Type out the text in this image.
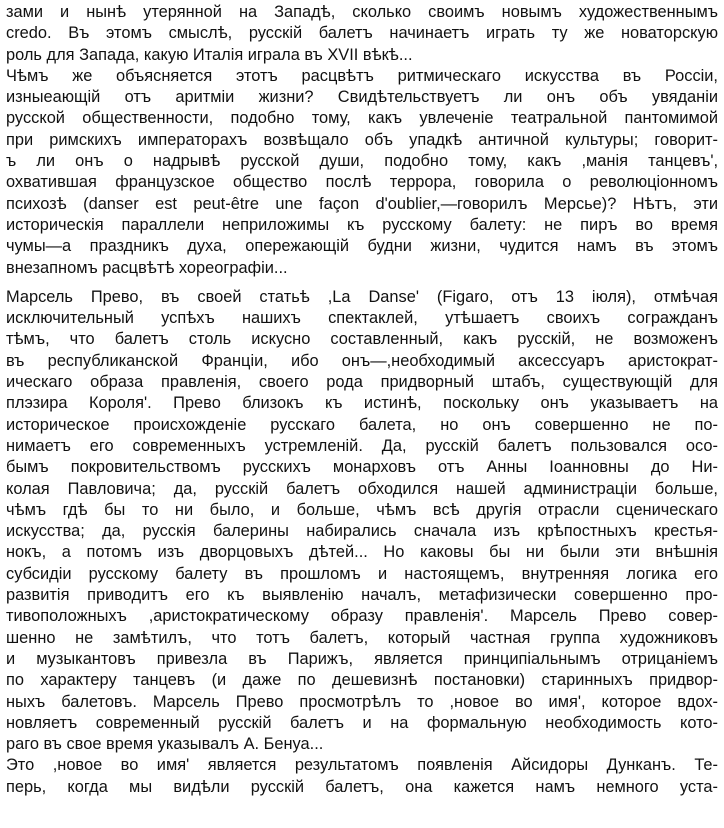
зами и нынѣ утерянной на Западѣ, сколько своимъ новымъ художественнымъ
credo. Въ этомъ смыслѣ, русскій балетъ начинаетъ играть ту же новаторскую
роль для Запада, какую Италія играла въ XVII вѣкѣ...
Чѣмъ же объясняется этотъ расцвѣтъ ритмическаго искусства въ Россіи,
изныеающій отъ аритміи жизни? Свидѣтельствуетъ ли онъ объ увяданіи
русской общественности, подобно тому, какъ увлеченіе театральной пантомимой
при римскихъ императорахъ возвѣщало объ упадкѣ античной культуры; говорит-
ъ ли онъ о надрывѣ русской души, подобно тому, какъ ,манія танцевъ',
охватившая французское общество послѣ террора, говорила о революціонномъ
психозѣ (danser est peut-être une façon d'oublier,—говорилъ Мерсье)? Нѣтъ, эти
историческія параллели неприложимы къ русскому балету: не пиръ во время
чумы—а праздникъ духа, опережающій будни жизни, чудится намъ въ этомъ
внезапномъ расцвѣтѣ хореографіи...
Марсель Прево, въ своей статьѣ ,La Danse' (Figaro, отъ 13 іюля), отмѣчая
исключительный успѣхъ нашихъ спектаклей, утѣшаетъ своихъ согражданъ
тѣмъ, что балетъ столь искусно составленный, какъ русскій, не возможенъ
въ республиканской Франціи, ибо онъ—,необходимый аксессуаръ аристократ-
ическаго образа правленія, своего рода придворный штабъ, существующій для
плэзира Короля'. Прево близокъ къ истинѣ, поскольку онъ указываетъ на
историческое происхожденіе русскаго балета, но онъ совершенно не по-
нимаетъ его современныхъ устремленій. Да, русскій балетъ пользовался осо-
бымъ покровительствомъ русскихъ монарховъ отъ Анны Іоанновны до Ни-
колая Павловича; да, русскій балетъ обходился нашей администраціи больше,
чѣмъ гдѣ бы то ни было, и больше, чѣмъ всѣ другія отрасли сценическаго
искусства; да, русскія балерины набирались сначала изъ крѣпостныхъ крестья-
нокъ, а потомъ изъ дворцовыхъ дѣтей... Но каковы бы ни были эти внѣшнія
субсидіи русскому балету въ прошломъ и настоящемъ, внутренняя логика его
развитія приводитъ его къ выявленію началъ, метафизически совершенно про-
тивоположныхъ ,аристократическому образу правленія'. Марсель Прево совер-
шенно не замѣтилъ, что тотъ балетъ, который частная группа художниковъ
и музыкантовъ привезла въ Парижъ, является принципіальнымъ отрицаніемъ
по характеру танцевъ (и даже по дешевизнѣ постановки) старинныхъ придвор-
ныхъ балетовъ. Марсель Прево просмотрѣлъ то ,новое во имя', которое вдох-
новляетъ современный русскій балетъ и на формальную необходимость кото-
раго въ свое время указывалъ А. Бенуа...
Это ,новое во имя' является результатомъ появленія Айсидоры Дунканъ. Те-
перь, когда мы видѣли русскій балетъ, она кажется намъ немного уста-
